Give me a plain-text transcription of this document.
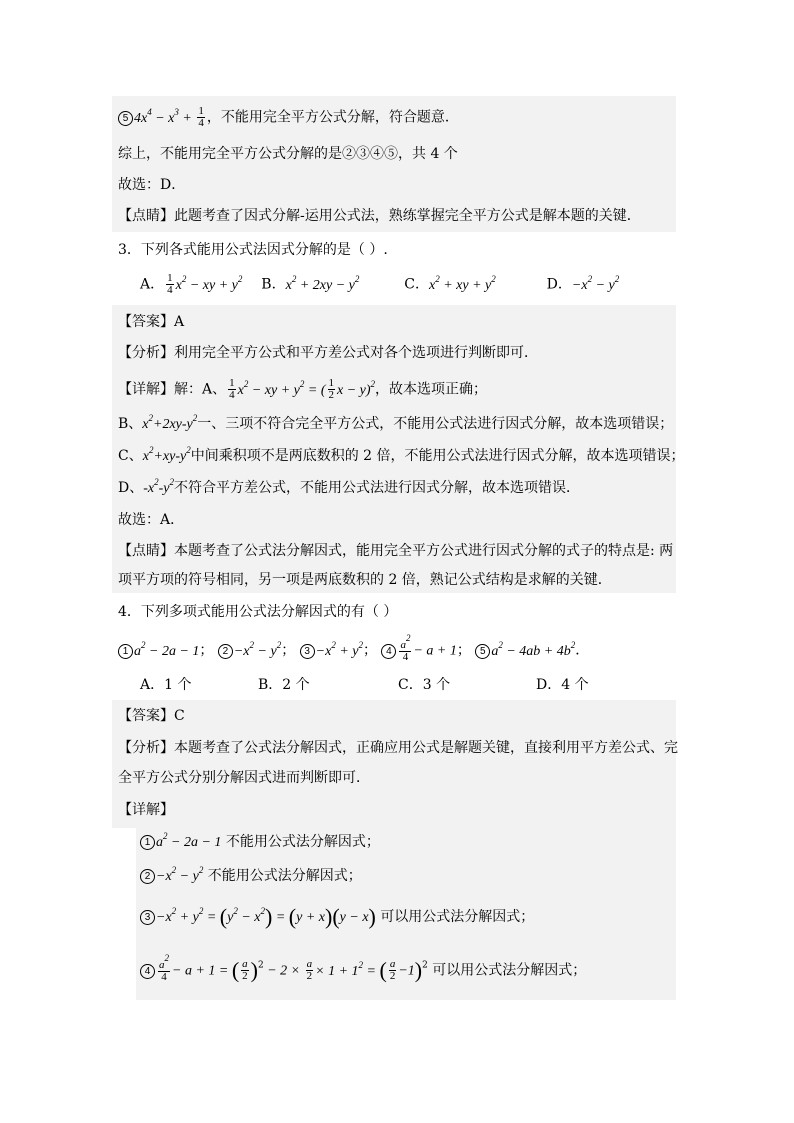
5 $4x^4 - x^3 + \frac{1}{4}$ ，不能用完全平方公式分解，符合题意．
综上，不能用完全平方公式分解的是②③④⑤，共 4 个
故选：D．
【点睛】此题考查了因式分解-运用公式法，熟练掌握完全平方公式是解本题的关键．
3．下列各式能用公式法因式分解的是（ ）.
A． $\frac{1}{4} x^2$ − xy + $y^2$ B．$x^2 + 2xy - y^2$	C．$x^2$ + xy + $y^2$	D．$-x^2 - y^2$
【答案】A
【分析】利用完全平方公式和平方差公式对各个选项进行判断即可．
【详解】解：A、 $\frac{1}{4} x^2$ − xy + $y^2$ = ( $\frac{1}{2}$ x − y)$^2$，故本选项正确；
B、$x^2+2xy-y^2$一、三项不符合完全平方公式，不能用公式法进行因式分解，故本选项错误；
C、$x^2+xy-y^2$中间乘积项不是两底数积的 2 倍，不能用公式法进行因式分解，故本选项错误；
D、$-x^2-y^2$不符合平方差公式，不能用公式法进行因式分解，故本选项错误．
故选：A．
【点睛】本题考查了公式法分解因式，能用完全平方公式进行因式分解的式子的特点是: 两
项平方项的符号相同，另一项是两底数积的 2 倍，熟记公式结构是求解的关键．
4．下列多项式能用公式法分解因式的有（ ）
1 $a^2 - 2a - 1$； $2 -x^2 - y^2$； $3 -x^2 + y^2$； $4 \frac{a^2}{4} - a + 1$； 5 $a^2 - 4ab + 4b^2$．
A．1 个	B．2 个	C．3 个	D．4 个
【答案】C
【分析】本题考查了公式法分解因式，正确应用公式是解题关键，直接利用平方差公式、完
全平方公式分别分解因式进而判断即可．
【详解】
1 $a^2 - 2a - 1$ 不能用公式法分解因式；
$2 -x^2 - y^2$ 不能用公式法分解因式；
$3 -x^2 + y^2 = (y^2 - x^2) = (y + x)(y - x)$ 可以用公式法分解因式；
$4 \frac{a^2}{4} - a + 1$ = ( $\frac{a}{2} )^2 - 2 \times \frac{a}{2} \times 1 + 1^2$ = ( $\frac{a}{2} -1)^2$ 可以用公式法分解因式；
